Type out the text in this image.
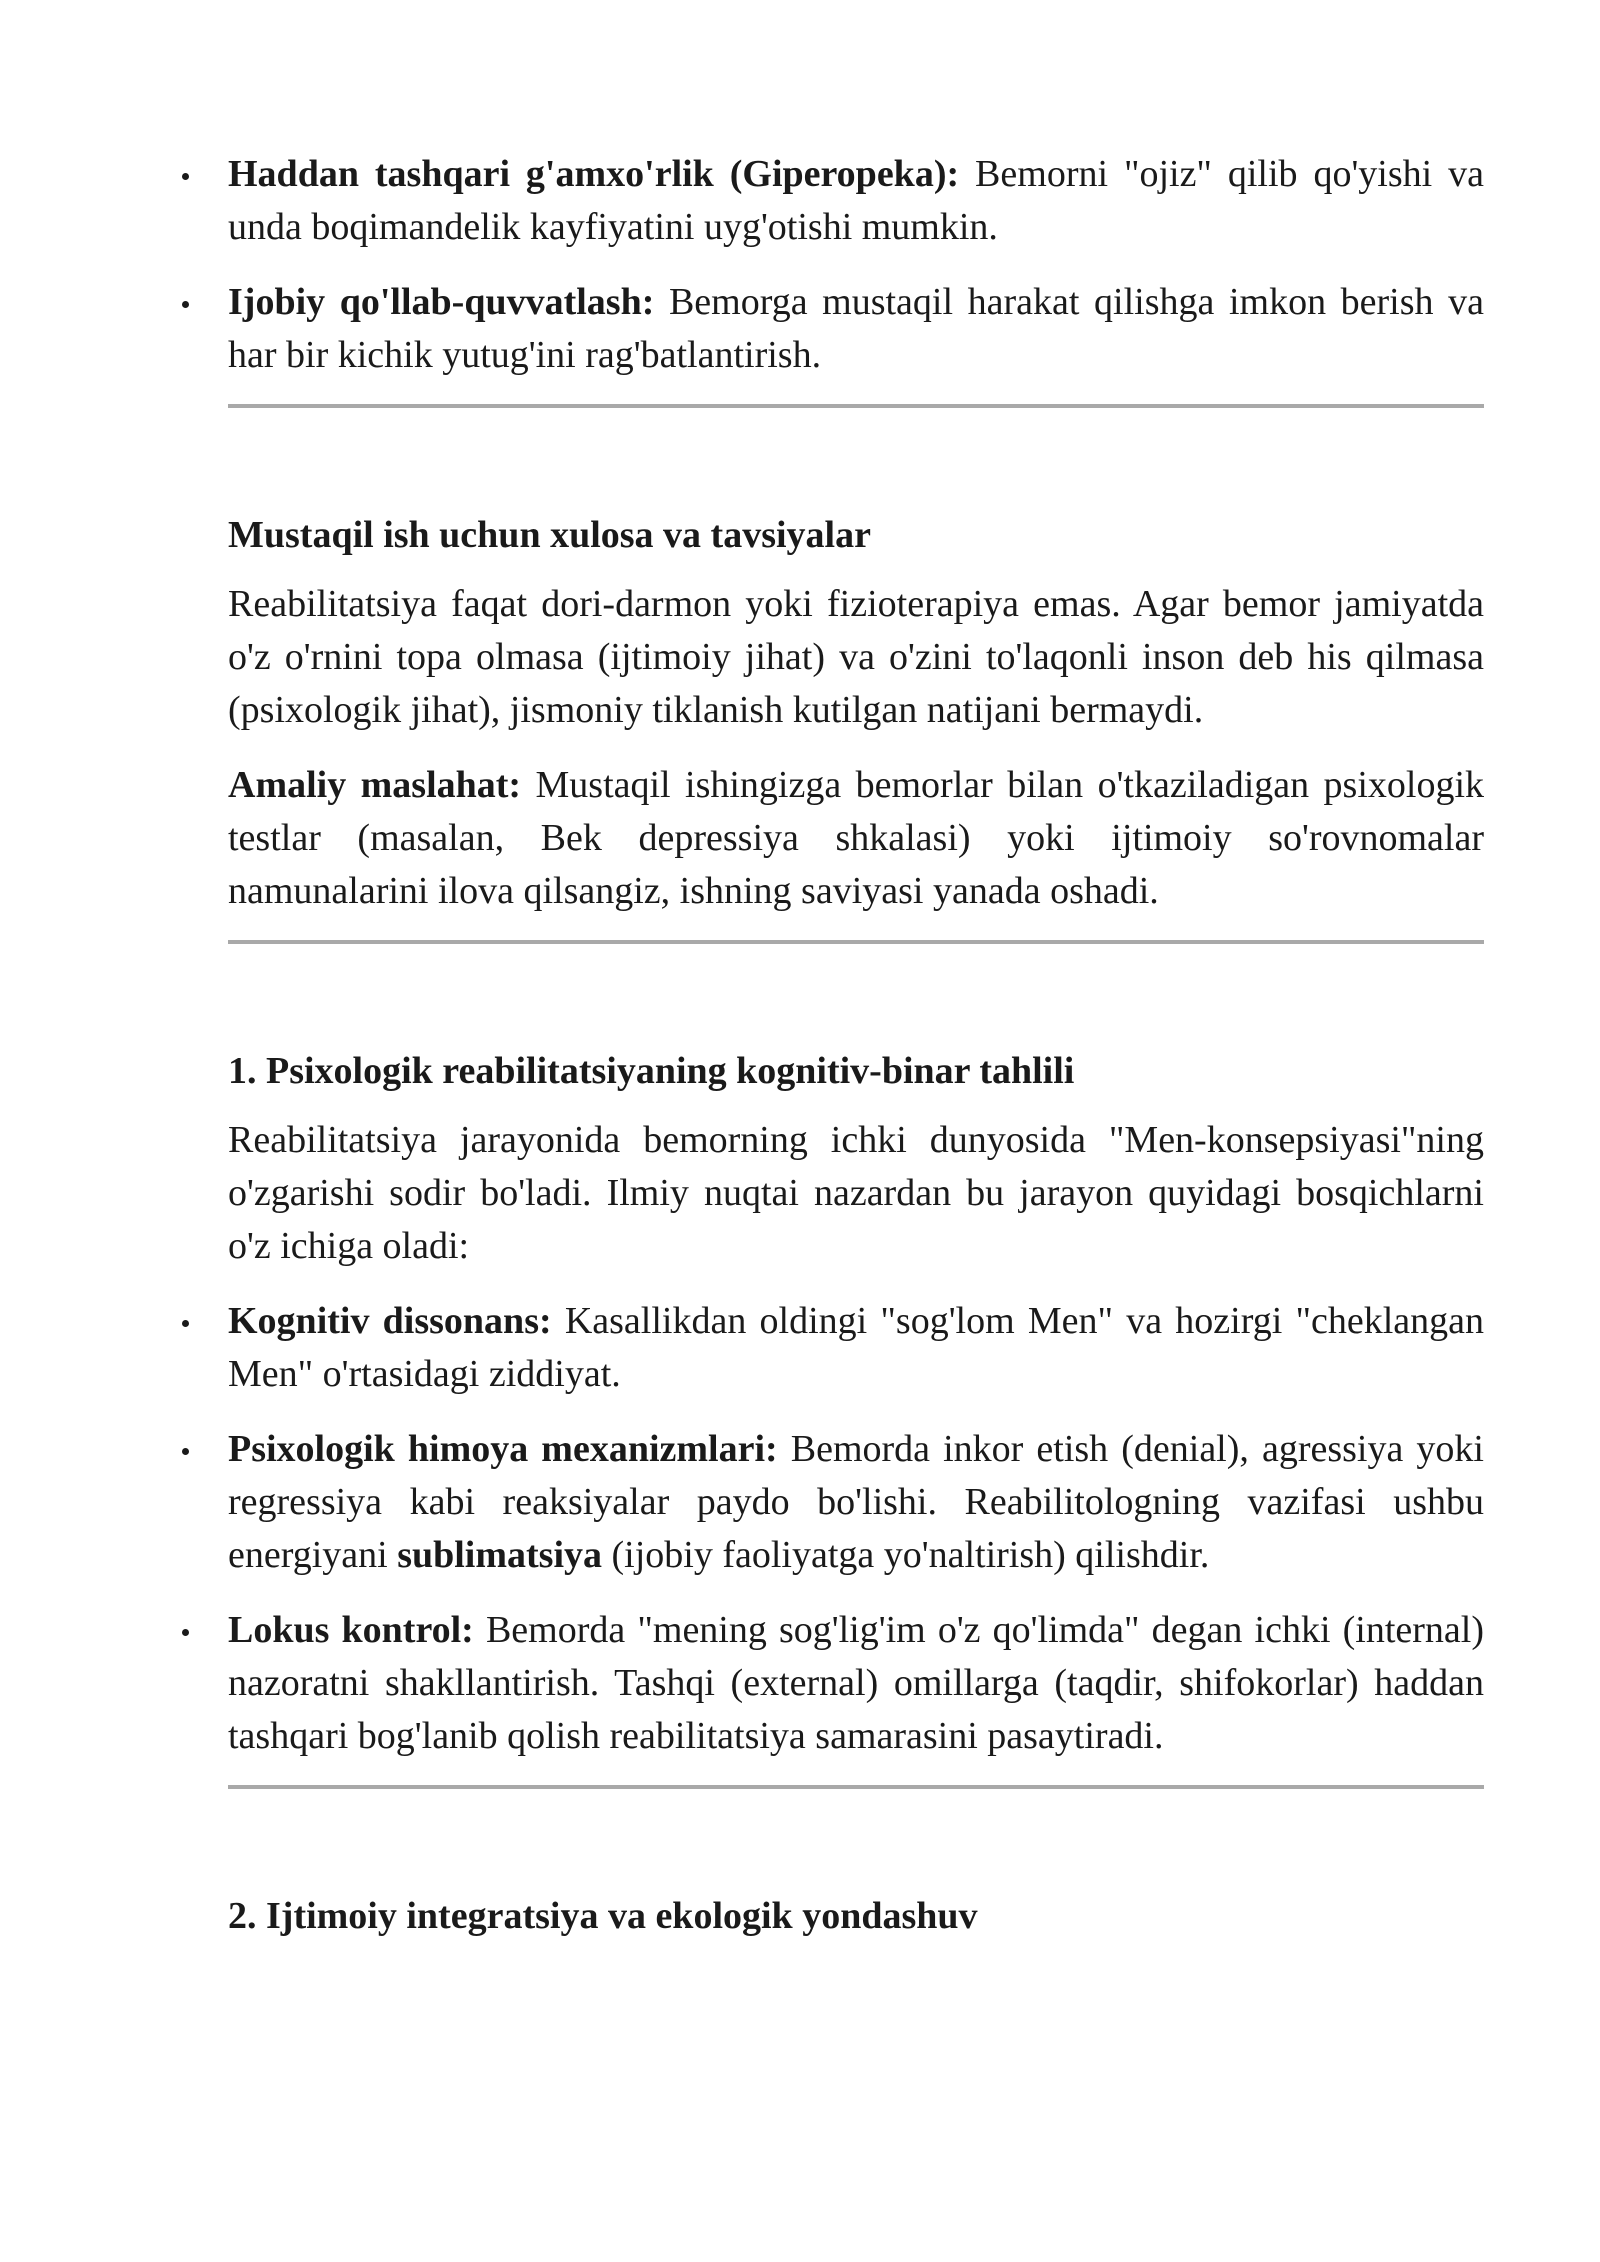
Haddan tashqari g'amxo'rlik (Giperopeka): Bemorni "ojiz" qilib qo'yishi va unda boqimandelik kayfiyatini uyg'otishi mumkin.
Ijobiy qo'llab-quvvatlash: Bemorga mustaqil harakat qilishga imkon berish va har bir kichik yutug'ini rag'batlantirish.
Mustaqil ish uchun xulosa va tavsiyalar

Reabilitatsiya faqat dori-darmon yoki fizioterapiya emas. Agar bemor jamiyatda o'z o'rnini topa olmasa (ijtimoiy jihat) va o'zini to'laqonli inson deb his qilmasa (psixologik jihat), jismoniy tiklanish kutilgan natijani bermaydi.

Amaliy maslahat: Mustaqil ishingizga bemorlar bilan o'tkaziladigan psixologik testlar (masalan, Bek depressiya shkalasi) yoki ijtimoiy so'rovnomalar namunalarini ilova qilsangiz, ishning saviyasi yanada oshadi.

1. Psixologik reabilitatsiyaning kognitiv-binar tahlili

Reabilitatsiya jarayonida bemorning ichki dunyosida "Men-konsepsiyasi"ning o'zgarishi sodir bo'ladi. Ilmiy nuqtai nazardan bu jarayon quyidagi bosqichlarni o'z ichiga oladi:

Kognitiv dissonans: Kasallikdan oldingi "sog'lom Men" va hozirgi "cheklangan Men" o'rtasidagi ziddiyat.
Psixologik himoya mexanizmlari: Bemorda inkor etish (denial), agressiya yoki regressiya kabi reaksiyalar paydo bo'lishi. Reabilitologning vazifasi ushbu energiyani sublimatsiya (ijobiy faoliyatga yo'naltirish) qilishdir.
Lokus kontrol: Bemorda "mening sog'lig'im o'z qo'limda" degan ichki (internal) nazoratni shakllantirish. Tashqi (external) omillarga (taqdir, shifokorlar) haddan tashqari bog'lanib qolish reabilitatsiya samarasini pasaytiradi.
2. Ijtimoiy integratsiya va ekologik yondashuv
